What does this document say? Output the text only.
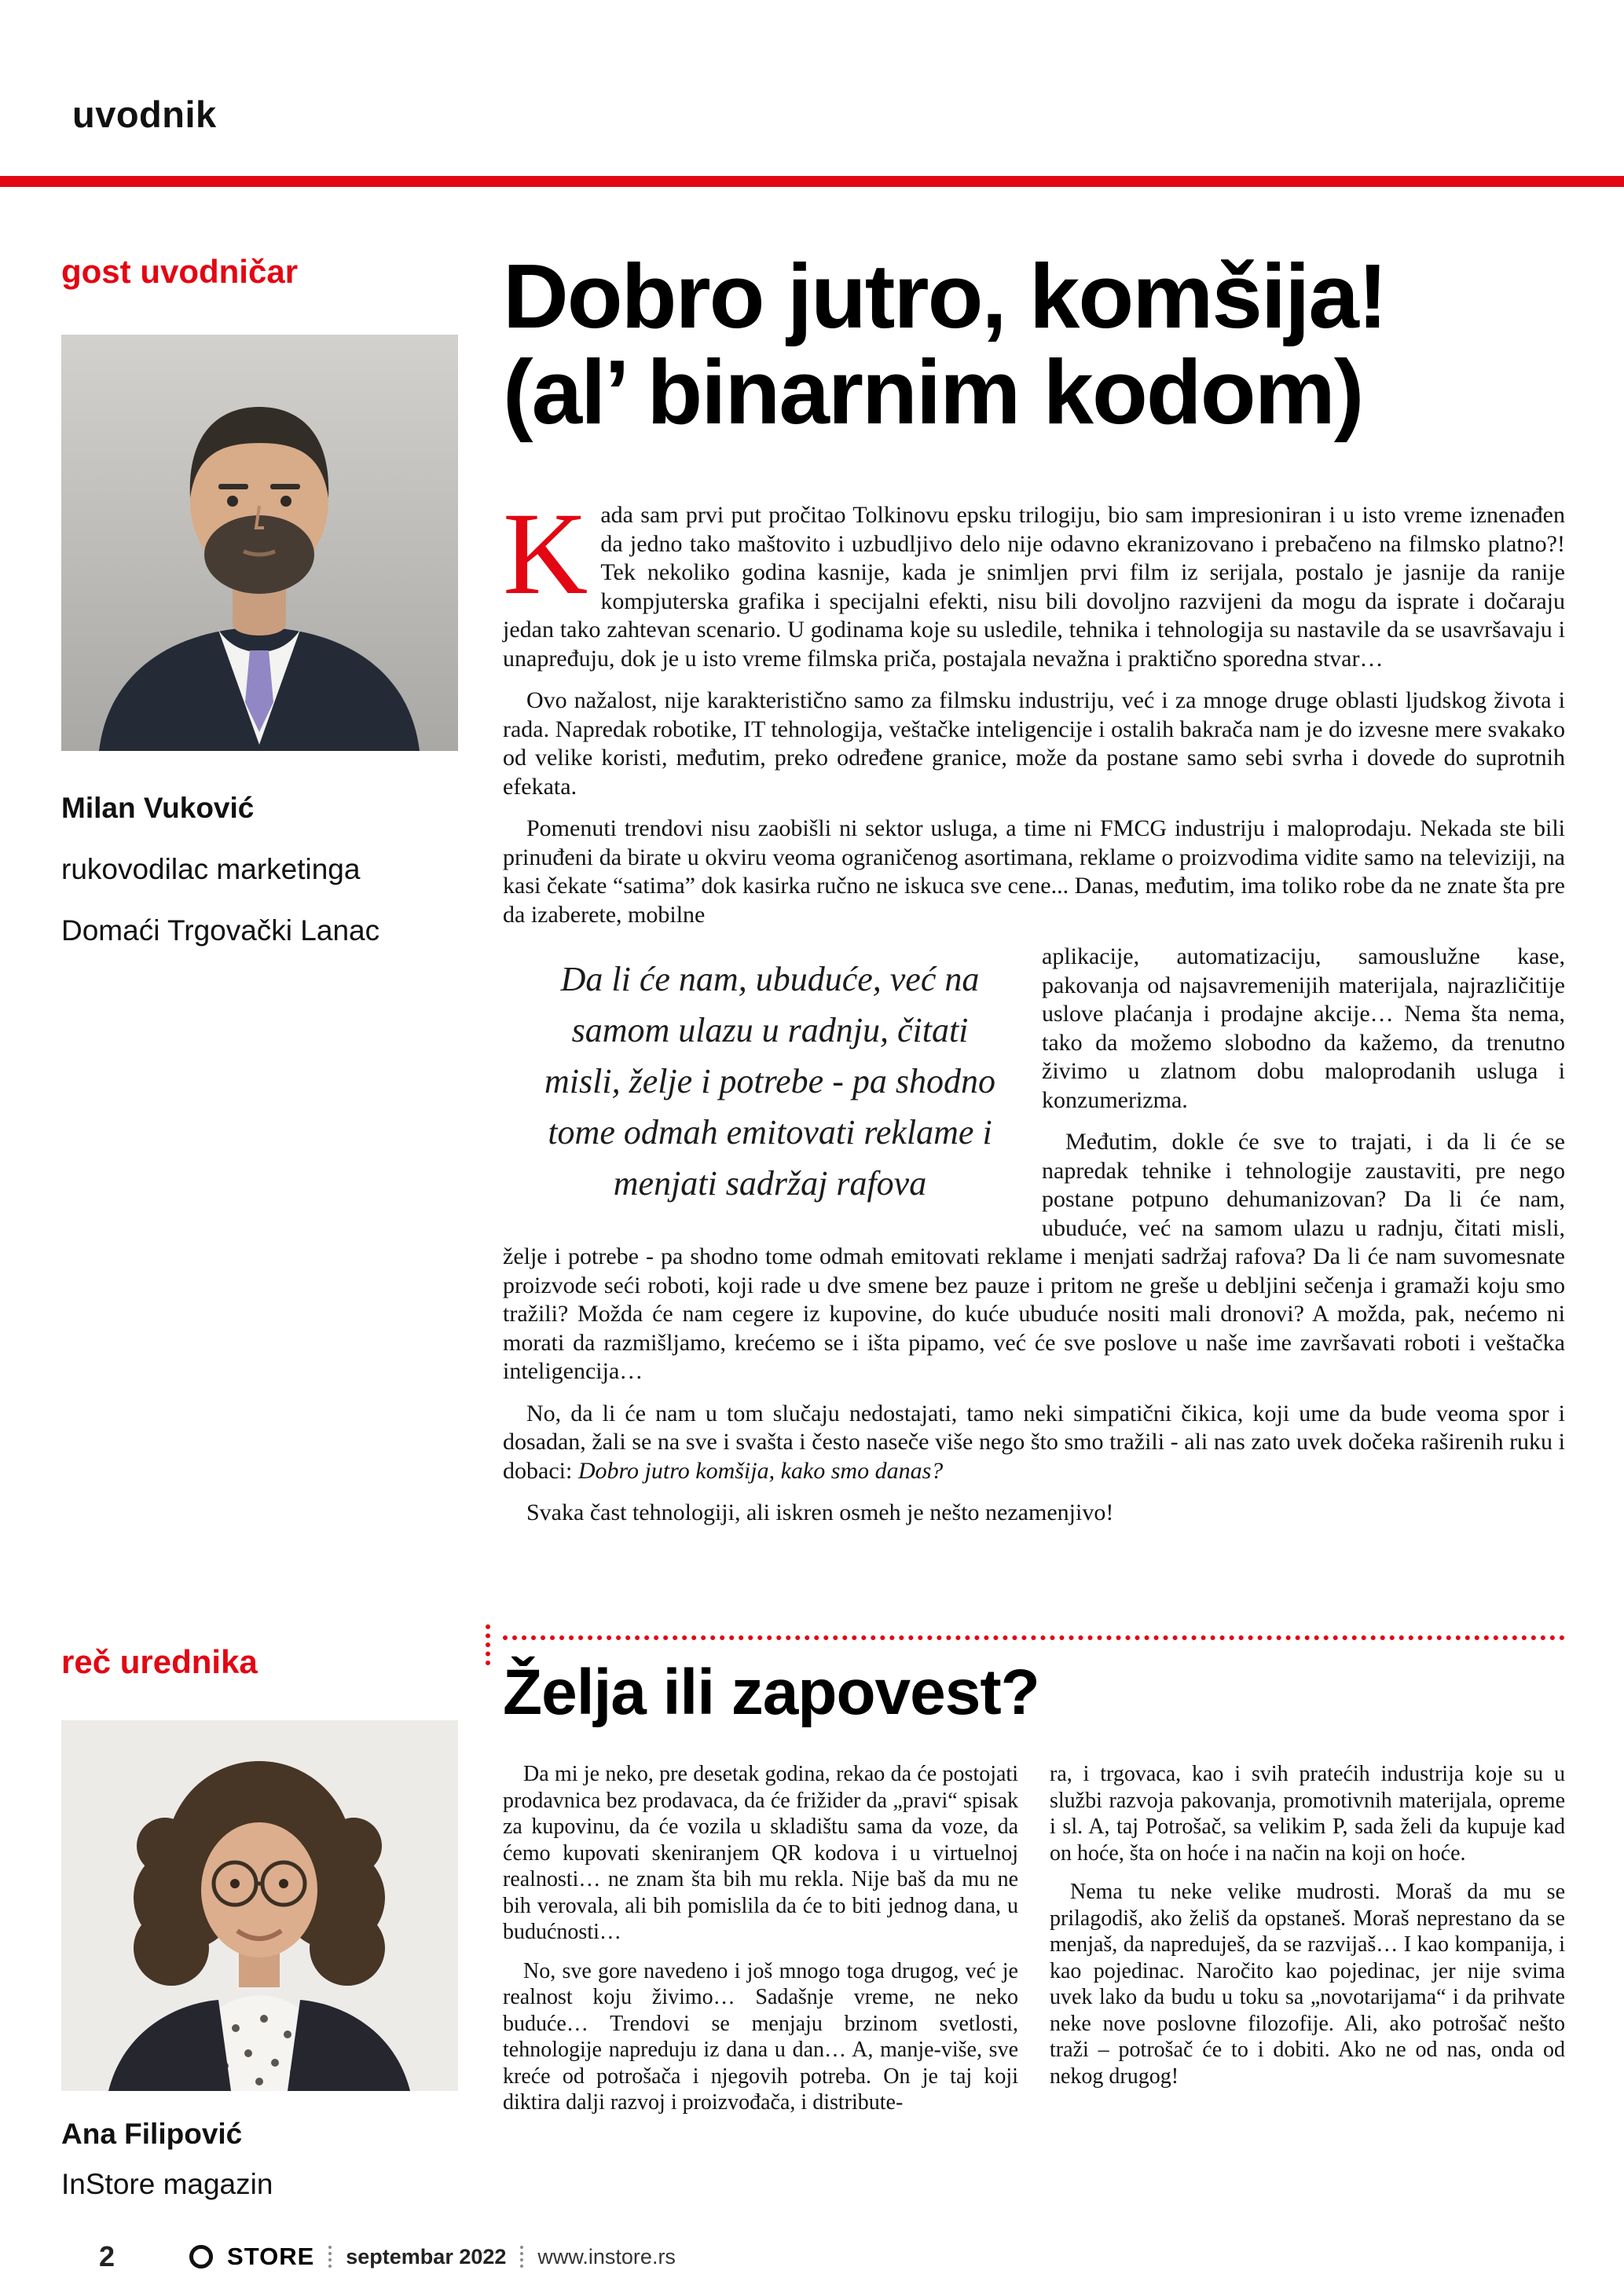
uvodnik
gost uvodničar
Milan Vuković
rukovodilac marketinga
Domaći Trgovački Lanac
Dobro jutro, komšija!
(al’ binarnim kodom)

Kada sam prvi put pročitao Tolkinovu epsku trilogiju, bio sam impresioniran i u isto vreme iznenađen da jedno tako maštovito i uzbudljivo delo nije odavno ekranizovano i prebačeno na filmsko platno?! Tek nekoliko godina kasnije, kada je snimljen prvi film iz serijala, postalo je jasnije da ranije kompjuterska grafika i specijalni efekti, nisu bili dovoljno razvijeni da mogu da isprate i dočaraju jedan tako zahtevan scenario. U godinama koje su usledile, tehnika i tehnologija su nastavile da se usavršavaju i unapređuju, dok je u isto vreme filmska priča, postajala nevažna i praktično sporedna stvar…

Ovo nažalost, nije karakteristično samo za filmsku industriju, već i za mnoge druge oblasti ljudskog života i rada. Napredak robotike, IT tehnologija, veštačke inteligencije i ostalih bakrača nam je do izvesne mere svakako od velike koristi, međutim, preko određene granice, može da postane samo sebi svrha i dovede do suprotnih efekata.

Pomenuti trendovi nisu zaobišli ni sektor usluga, a time ni FMCG industriju i maloprodaju. Nekada ste bili prinuđeni da birate u okviru veoma ograničenog asortimana, reklame o proizvodima vidite samo na televiziji, na kasi čekate “satima” dok kasirka ručno ne iskuca sve cene... Danas, međutim, ima toliko robe da ne znate šta pre da izaberete, mobilne

Da li će nam, ubuduće, već na samom ulazu u radnju, čitati misli, želje i potrebe - pa shodno tome odmah emitovati reklame i menjati sadržaj rafova

aplikacije, automatizaciju, samouslužne kase, pakovanja od najsavremenijih materijala, najrazličitije uslove plaćanja i prodajne akcije… Nema šta nema, tako da možemo slobodno da kažemo, da trenutno živimo u zlatnom dobu maloprodanih usluga i konzumerizma.

Međutim, dokle će sve to trajati, i da li će se napredak tehnike i tehnologije zaustaviti, pre nego postane potpuno dehumanizovan? Da li će nam, ubuduće, već na samom ulazu u radnju, čitati misli, želje i potrebe - pa shodno tome odmah emitovati reklame i menjati sadržaj rafova? Da li će nam suvomesnate proizvode seći roboti, koji rade u dve smene bez pauze i pritom ne greše u debljini sečenja i gramaži koju smo tražili? Možda će nam cegere iz kupovine, do kuće ubuduće nositi mali dronovi? A možda, pak, nećemo ni morati da razmišljamo, krećemo se i išta pipamo, već će sve poslove u naše ime završavati roboti i veštačka inteligencija…

No, da li će nam u tom slučaju nedostajati, tamo neki simpatični čikica, koji ume da bude veoma spor i dosadan, žali se na sve i svašta i često naseče više nego što smo tražili - ali nas zato uvek dočeka raširenih ruku i dobaci: Dobro jutro komšija, kako smo danas?

Svaka čast tehnologiji, ali iskren osmeh je nešto nezamenjivo!

reč urednika
Ana Filipović
InStore magazin
Želja ili zapovest?

Da mi je neko, pre desetak godina, rekao da će postojati prodavnica bez prodavaca, da će frižider da „pravi“ spisak za kupovinu, da će vozila u skladištu sama da voze, da ćemo kupovati skeniranjem QR kodova i u virtuelnoj realnosti… ne znam šta bih mu rekla. Nije baš da mu ne bih verovala, ali bih pomislila da će to biti jednog dana, u budućnosti…

No, sve gore navedeno i još mnogo toga drugog, već je realnost koju živimo… Sadašnje vreme, ne neko buduće… Trendovi se menjaju brzinom svetlosti, tehnologije napreduju iz dana u dan… A, manje-više, sve kreće od potrošača i njegovih potreba. On je taj koji diktira dalji razvoj i proizvođača, i distribute-

ra, i trgovaca, kao i svih pratećih industrija koje su u službi razvoja pakovanja, promotivnih materijala, opreme i sl. A, taj Potrošač, sa velikim P, sada želi da kupuje kad on hoće, šta on hoće i na način na koji on hoće.

Nema tu neke velike mudrosti. Moraš da mu se prilagodiš, ako želiš da opstaneš. Moraš neprestano da se menjaš, da napreduješ, da se razvijaš… I kao kompanija, i kao pojedinac. Naročito kao pojedinac, jer nije svima uvek lako da budu u toku sa „novotarijama“ i da prihvate neke nove poslovne filozofije. Ali, ako potrošač nešto traži – potrošač će to i dobiti. Ako ne od nas, onda od nekog drugog!

2	STORE septembar 2022 www.instore.rs
